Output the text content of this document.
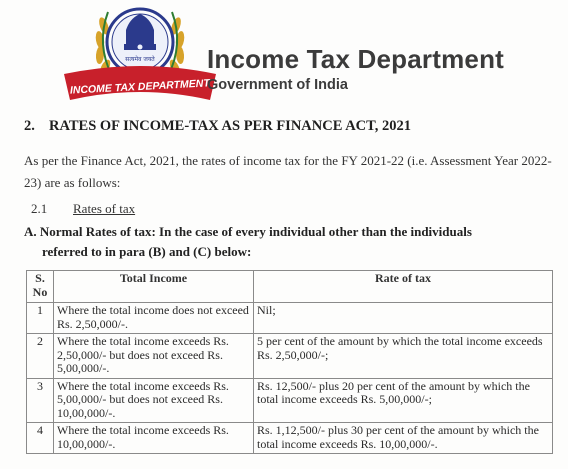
सत्यमेव जयते
INCOME TAX DEPARTMENT
Income Tax Department
Government of India
2. RATES OF INCOME-TAX AS PER FINANCE ACT, 2021
As per the Finance Act, 2021, the rates of income tax for the FY 2021-22 (i.e. Assessment Year 2022-23) are as follows:
2.1 Rates of tax
A. Normal Rates of tax: In the case of every individual other than the individuals
referred to in para (B) and (C) below:
S. No	Total Income	Rate of tax
1	Where the total income does not exceed Rs. 2,50,000/-.	Nil;
2	Where the total income exceeds Rs. 2,50,000/- but does not exceed Rs. 5,00,000/-.	5 per cent of the amount by which the total income exceeds Rs. 2,50,000/-;
3	Where the total income exceeds Rs. 5,00,000/- but does not exceed Rs. 10,00,000/-.	Rs. 12,500/- plus 20 per cent of the amount by which the total income exceeds Rs. 5,00,000/-;
4	Where the total income exceeds Rs. 10,00,000/-.	Rs. 1,12,500/- plus 30 per cent of the amount by which the total income exceeds Rs. 10,00,000/-.
